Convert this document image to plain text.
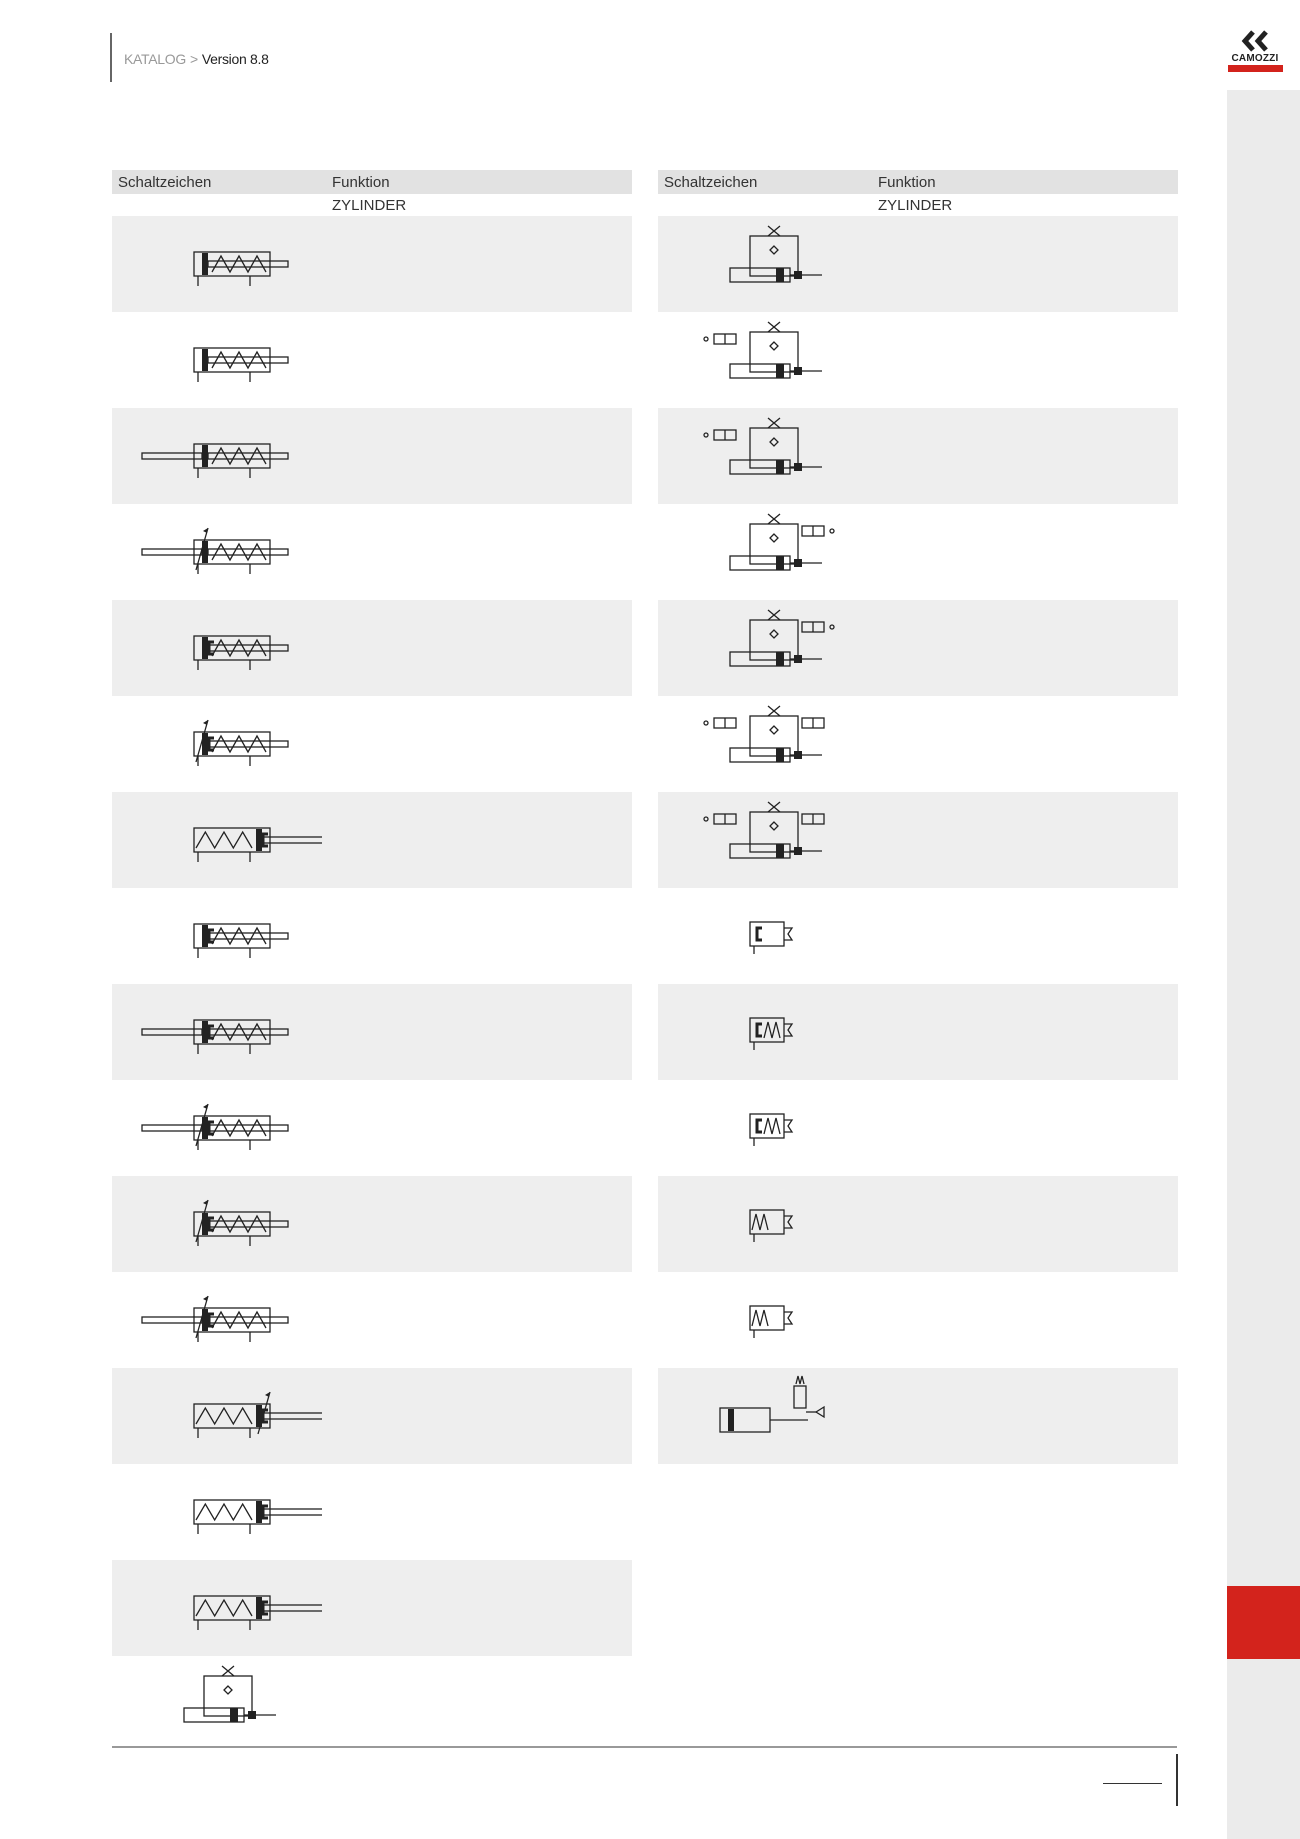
CAMOZZI
KATALOG > Version 8.8
Schaltzeichen	Funktion
ZYLINDER
Schaltzeichen	Funktion
ZYLINDER
